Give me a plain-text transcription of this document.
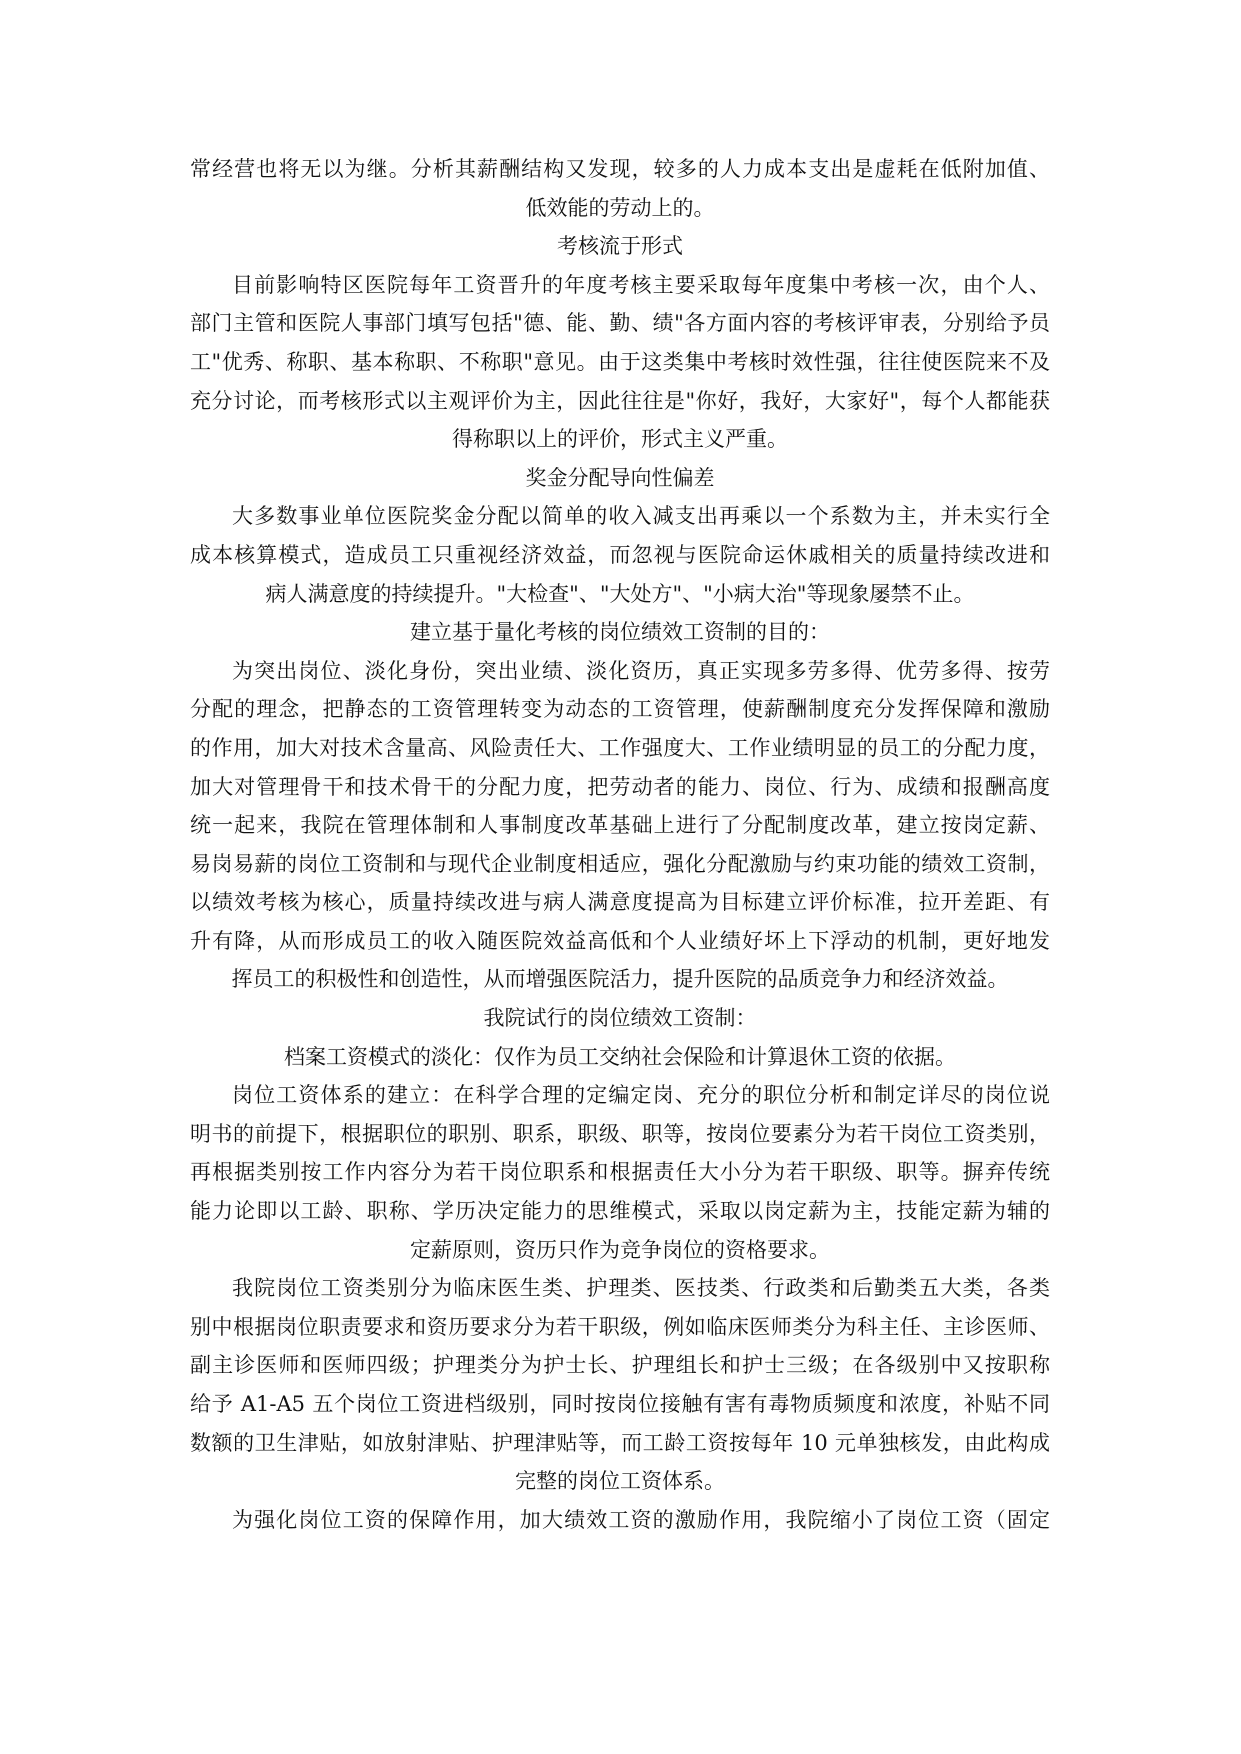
常经营也将无以为继。分析其薪酬结构又发现，较多的人力成本支出是虚耗在低附加值、
低效能的劳动上的。
考核流于形式
目前影响特区医院每年工资晋升的年度考核主要采取每年度集中考核一次，由个人、
部门主管和医院人事部门填写包括"德、能、勤、绩"各方面内容的考核评审表，分别给予员
工"优秀、称职、基本称职、不称职"意见。由于这类集中考核时效性强，往往使医院来不及
充分讨论，而考核形式以主观评价为主，因此往往是"你好，我好，大家好"，每个人都能获
得称职以上的评价，形式主义严重。
奖金分配导向性偏差
大多数事业单位医院奖金分配以简单的收入减支出再乘以一个系数为主，并未实行全
成本核算模式，造成员工只重视经济效益，而忽视与医院命运休戚相关的质量持续改进和
病人满意度的持续提升。"大检查"、"大处方"、"小病大治"等现象屡禁不止。
建立基于量化考核的岗位绩效工资制的目的：
为突出岗位、淡化身份，突出业绩、淡化资历，真正实现多劳多得、优劳多得、按劳
分配的理念，把静态的工资管理转变为动态的工资管理，使薪酬制度充分发挥保障和激励
的作用，加大对技术含量高、风险责任大、工作强度大、工作业绩明显的员工的分配力度，
加大对管理骨干和技术骨干的分配力度，把劳动者的能力、岗位、行为、成绩和报酬高度
统一起来，我院在管理体制和人事制度改革基础上进行了分配制度改革，建立按岗定薪、
易岗易薪的岗位工资制和与现代企业制度相适应，强化分配激励与约束功能的绩效工资制，
以绩效考核为核心，质量持续改进与病人满意度提高为目标建立评价标准，拉开差距、有
升有降，从而形成员工的收入随医院效益高低和个人业绩好坏上下浮动的机制，更好地发
挥员工的积极性和创造性，从而增强医院活力，提升医院的品质竞争力和经济效益。
我院试行的岗位绩效工资制：
档案工资模式的淡化：仅作为员工交纳社会保险和计算退休工资的依据。
岗位工资体系的建立：在科学合理的定编定岗、充分的职位分析和制定详尽的岗位说
明书的前提下，根据职位的职别、职系，职级、职等，按岗位要素分为若干岗位工资类别，
再根据类别按工作内容分为若干岗位职系和根据责任大小分为若干职级、职等。摒弃传统
能力论即以工龄、职称、学历决定能力的思维模式，采取以岗定薪为主，技能定薪为辅的
定薪原则，资历只作为竞争岗位的资格要求。
我院岗位工资类别分为临床医生类、护理类、医技类、行政类和后勤类五大类，各类
别中根据岗位职责要求和资历要求分为若干职级，例如临床医师类分为科主任、主诊医师、
副主诊医师和医师四级；护理类分为护士长、护理组长和护士三级；在各级别中又按职称
给予 A1-A5 五个岗位工资进档级别，同时按岗位接触有害有毒物质频度和浓度，补贴不同
数额的卫生津贴，如放射津贴、护理津贴等，而工龄工资按每年 10 元单独核发，由此构成
完整的岗位工资体系。
为强化岗位工资的保障作用，加大绩效工资的激励作用，我院缩小了岗位工资（固定
